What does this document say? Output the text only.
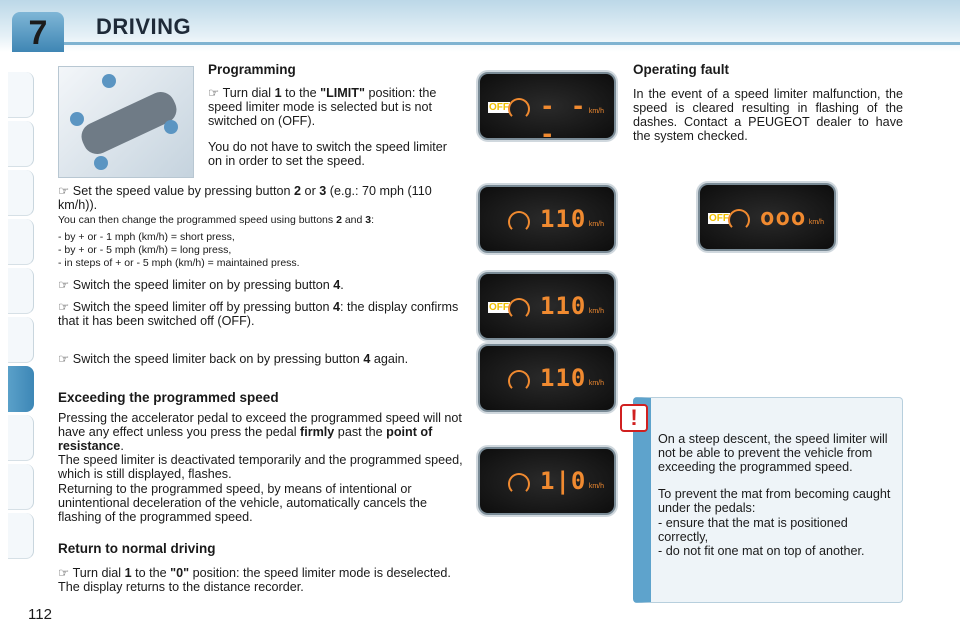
7	DRIVING
Programming
☞ Turn dial 1 to the "LIMIT" position: the speed limiter mode is selected but is not switched on (OFF).
You do not have to switch the speed limiter on in order to set the speed.
☞ Set the speed value by pressing button 2 or 3 (e.g.: 70 mph (110 km/h)).
You can then change the programmed speed using buttons 2 and 3:
- by + or - 1 mph (km/h) = short press,
- by + or - 5 mph (km/h) = long press,
- in steps of + or - 5 mph (km/h) = maintained press.
☞ Switch the speed limiter on by pressing button 4.
☞ Switch the speed limiter off by pressing button 4: the display confirms that it has been switched off (OFF).
☞ Switch the speed limiter back on by pressing button 4 again.
Exceeding the programmed speed
Pressing the accelerator pedal to exceed the programmed speed will not have any effect unless you press the pedal firmly past the point of resistance.
The speed limiter is deactivated temporarily and the programmed speed, which is still displayed, flashes.
Returning to the programmed speed, by means of intentional or unintentional deceleration of the vehicle, automatically cancels the flashing of the programmed speed.
Return to normal driving
☞ Turn dial 1 to the "0" position: the speed limiter mode is deselected. The display returns to the distance recorder.
OFF - - -
km/h
110 km/h
OFF 110 km/h
110 km/h
1|0 km/h
OFF ooo km/h
Operating fault
In the event of a speed limiter malfunction, the speed is cleared resulting in flashing of the dashes. Contact a PEUGEOT dealer to have the system checked.
!
On a steep descent, the speed limiter will not be able to prevent the vehicle from exceeding the programmed speed.
To prevent the mat from becoming caught under the pedals:
- ensure that the mat is positioned correctly,
- do not fit one mat on top of another.
112
